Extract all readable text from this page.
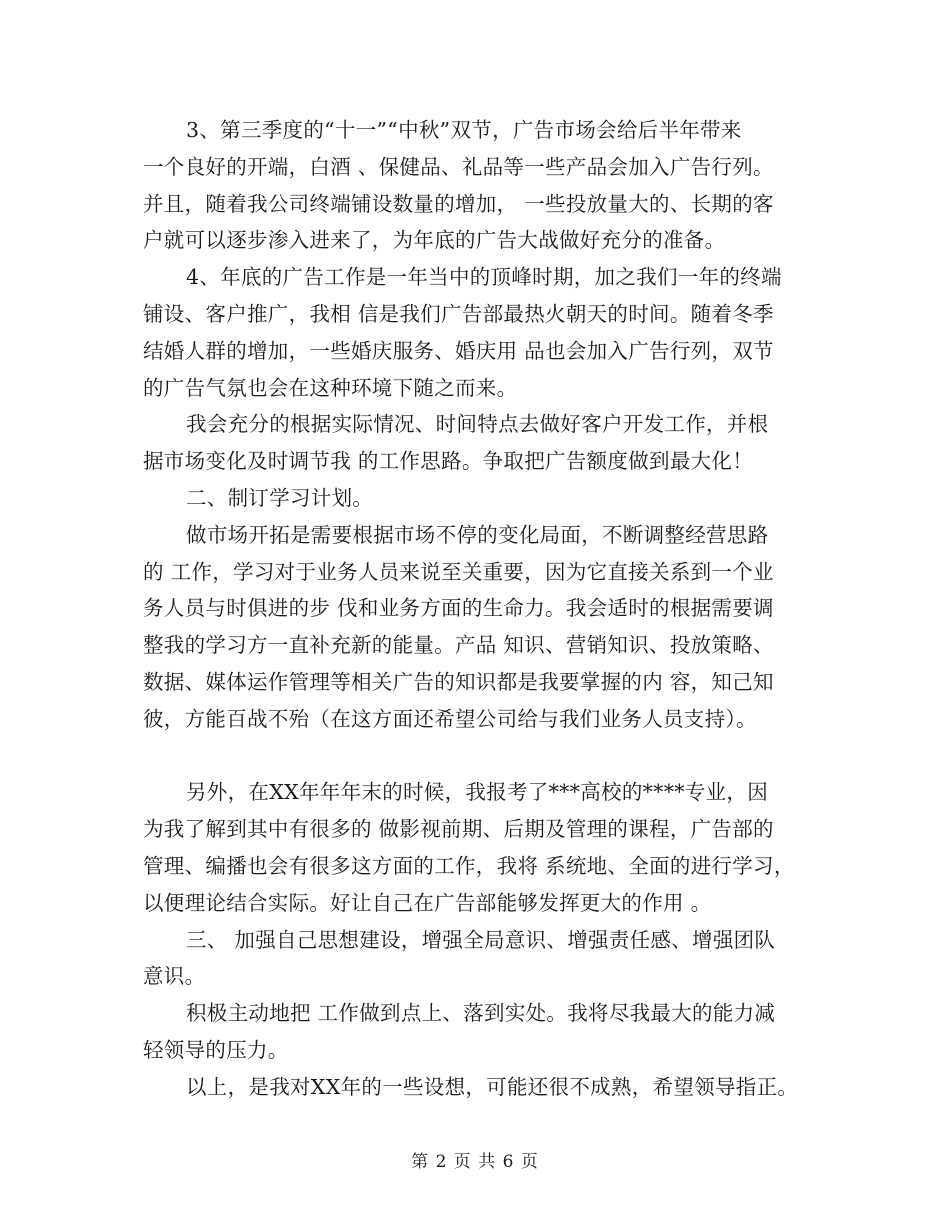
3、第三季度的“十一”“中秋”双节，广告市场会给后半年带来
一个良好的开端，白酒 、保健品、礼品等一些产品会加入广告行列。
并且，随着我公司终端铺设数量的增加， 一些投放量大的、长期的客
户就可以逐步渗入进来了，为年底的广告大战做好充分的准备。
4、年底的广告工作是一年当中的顶峰时期，加之我们一年的终端
铺设、客户推广，我相 信是我们广告部最热火朝天的时间。随着冬季
结婚人群的增加，一些婚庆服务、婚庆用 品也会加入广告行列，双节
的广告气氛也会在这种环境下随之而来。
我会充分的根据实际情况、时间特点去做好客户开发工作，并根
据市场变化及时调节我 的工作思路。争取把广告额度做到最大化！
二、制订学习计划。
做市场开拓是需要根据市场不停的变化局面，不断调整经营思路
的 工作，学习对于业务人员来说至关重要，因为它直接关系到一个业
务人员与时俱进的步 伐和业务方面的生命力。我会适时的根据需要调
整我的学习方一直补充新的能量。产品 知识、营销知识、投放策略、
数据、媒体运作管理等相关广告的知识都是我要掌握的内 容，知己知
彼，方能百战不殆（在这方面还希望公司给与我们业务人员支持）。
另外，在XX年年年末的时候，我报考了***高校的****专业，因
为我了解到其中有很多的 做影视前期、后期及管理的课程，广告部的
管理、编播也会有很多这方面的工作，我将 系统地、全面的进行学习，
以便理论结合实际。好让自己在广告部能够发挥更大的作用 。
三、 加强自己思想建设，增强全局意识、增强责任感、增强团队
意识。
积极主动地把 工作做到点上、落到实处。我将尽我最大的能力减
轻领导的压力。
以上，是我对XX年的一些设想，可能还很不成熟，希望领导指正。
第 2 页 共 6 页
